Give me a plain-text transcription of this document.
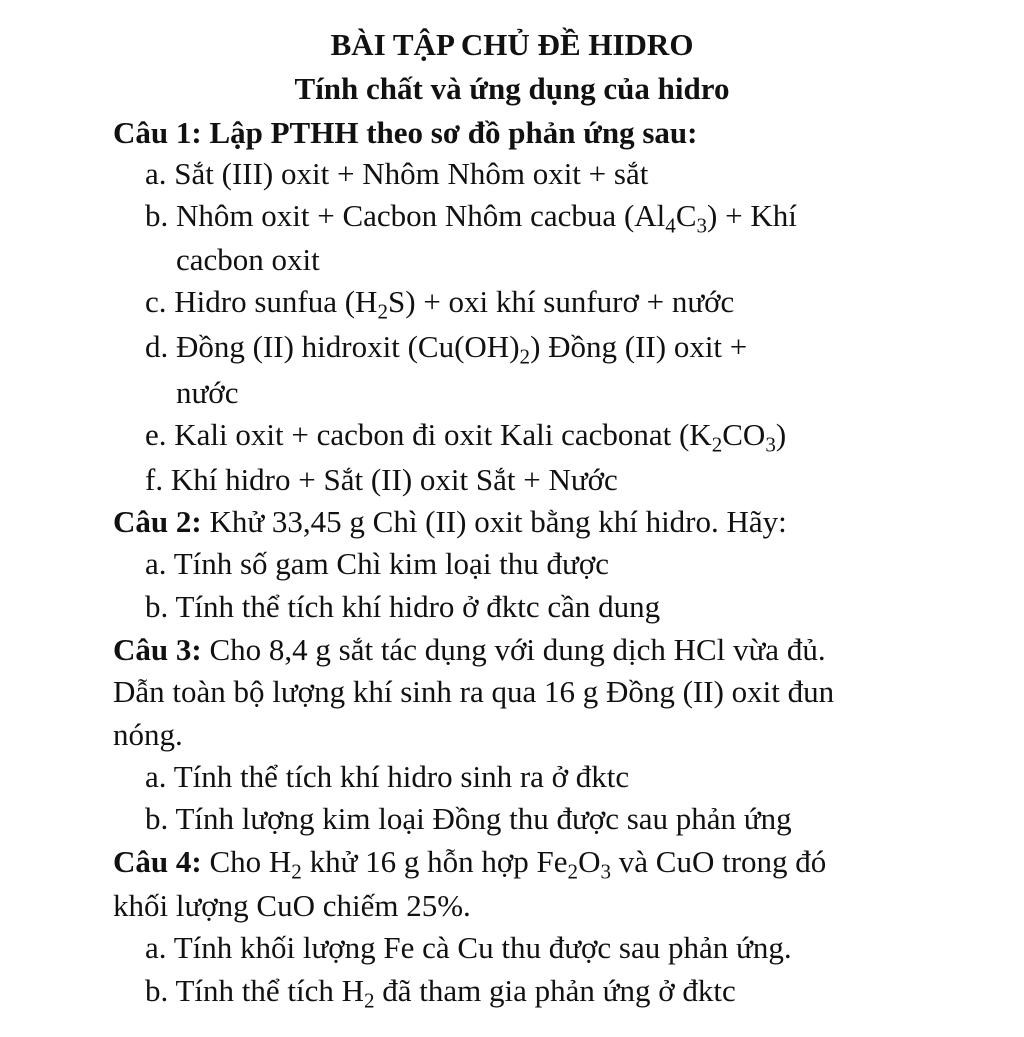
BÀI TẬP CHỦ ĐỀ HIDRO
Tính chất và ứng dụng của hidro
Câu 1: Lập PTHH theo sơ đồ phản ứng sau:
a. Sắt (III) oxit + Nhôm Nhôm oxit + sắt
b. Nhôm oxit + Cacbon Nhôm cacbua $(Al_4C_3)$ + Khí
cacbon oxit
c. Hidro sunfua $(H_2S)$ + oxi khí sunfurơ + nước
d. Đồng (II) hidroxit $(Cu(OH)_2)$ Đồng (II) oxit +
nước
e. Kali oxit + cacbon đi oxit Kali cacbonat $(K_2CO_3)$
f. Khí hidro + Sắt (II) oxit Sắt + Nước
Câu 2: Khử 33,45 g Chì (II) oxit bằng khí hidro. Hãy:
a. Tính số gam Chì kim loại thu được
b. Tính thể tích khí hidro ở đktc cần dung
Câu 3: Cho 8,4 g sắt tác dụng với dung dịch HCl vừa đủ.
Dẫn toàn bộ lượng khí sinh ra qua 16 g Đồng (II) oxit đun
nóng.
a. Tính thể tích khí hidro sinh ra ở đktc
b. Tính lượng kim loại Đồng thu được sau phản ứng
Câu 4: Cho $H_2$ khử 16 g hỗn hợp $Fe_2O_3$ và CuO trong đó
khối lượng CuO chiếm 25%.
a. Tính khối lượng Fe cà Cu thu được sau phản ứng.
b. Tính thể tích $H_2$ đã tham gia phản ứng ở đktc
